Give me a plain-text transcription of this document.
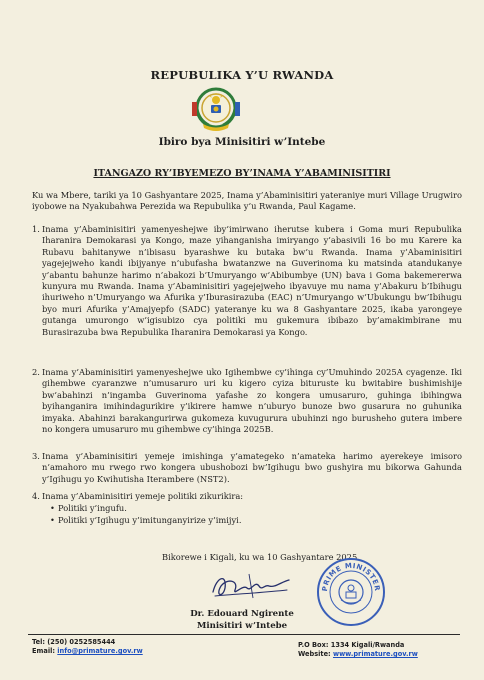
REPUBULIKA Y’U RWANDA
Ibiro bya Minisitiri w’Intebe
ITANGAZO RY’IBYEMEZO BY’INAMA Y’ABAMINISITIRI

Ku wa Mbere, tariki ya 10 Gashyantare 2025, Inama y’Abaminisitiri yateraniye muri Village Urugwiro iyobowe na Nyakubahwa Perezida wa Repubulika y’u Rwanda, Paul Kagame.

1. Inama y’Abaminisitiri yamenyeshejwe iby’imirwano iherutse kubera i Goma muri Repubulika Iharanira Demokarasi ya Kongo, maze yihanganisha imiryango y’abasivili 16 bo mu Karere ka Rubavu bahitanywe n’ibisasu byarashwe ku butaka bw’u Rwanda. Inama y’Abaminisitiri yagejejweho kandi ibijyanye n’ubufasha bwatanzwe na Guverinoma ku matsinda atandukanye y’abantu bahunze harimo n’abakozi b’Umuryango w’Abibumbye (UN) bava i Goma bakemererwa kunyura mu Rwanda. Inama y’Abaminisitiri yagejejweho ibyavuye mu nama y’Abakuru b’Ibihugu ihuriweho n’Umuryango wa Afurika y’Iburasirazuba (EAC) n’Umuryango w’Ubukungu bw’Ibihugu byo muri Afurika y’Amajyepfo (SADC) yateranye ku wa 8 Gashyantare 2025, ikaba yarongeye gutanga umurongo w’igisubizo cya politiki mu gukemura ibibazo by’amakimbirane mu Burasirazuba bwa Repubulika Iharanira Demokarasi ya Kongo.
2. Inama y’Abaminisitiri yamenyeshejwe uko Igihembwe cy’ihinga cy’Umuhindo 2025A cyagenze. Iki gihembwe cyaranzwe n’umusaruro uri ku kigero cyiza bituruste ku bwitabire bushimishije bw’abahinzi n’ingamba Guverinoma yafashe zo kongera umusaruro, guhinga ibihingwa byihanganira imihindagurikire y’ikirere hamwe n’uburyo bunoze bwo gusarura no guhunika imyaka. Abahinzi barakangurirwa gukomeza kuvugurura ubuhinzi ngo burusheho gutera imbere no kongera umusaruro mu gihembwe cy’ihinga 2025B.
3. Inama y’Abaminisitiri yemeje imishinga y’amategeko n’amateka harimo ayerekeye imisoro n’amahoro mu rwego rwo kongera ubushobozi bw’Igihugu bwo gushyira mu bikorwa Gahunda y’Igihugu yo Kwihutisha Iterambere (NST2).
4. Inama y’Abaminisitiri yemeje politiki zikurikira:
• Politiki y’ingufu.
• Politiki y’Igihugu y’imitunganyirize y’imijyi.
Bikorewe i Kigali, ku wa 10 Gashyantare 2025.
PRIME MINISTER
Dr. Edouard Ngirente
Minisitiri w’Intebe
Tel: (250) 0252585444
Email: info@primature.gov.rw
P.O Box: 1334 Kigali/Rwanda
Website: www.primature.gov.rw
